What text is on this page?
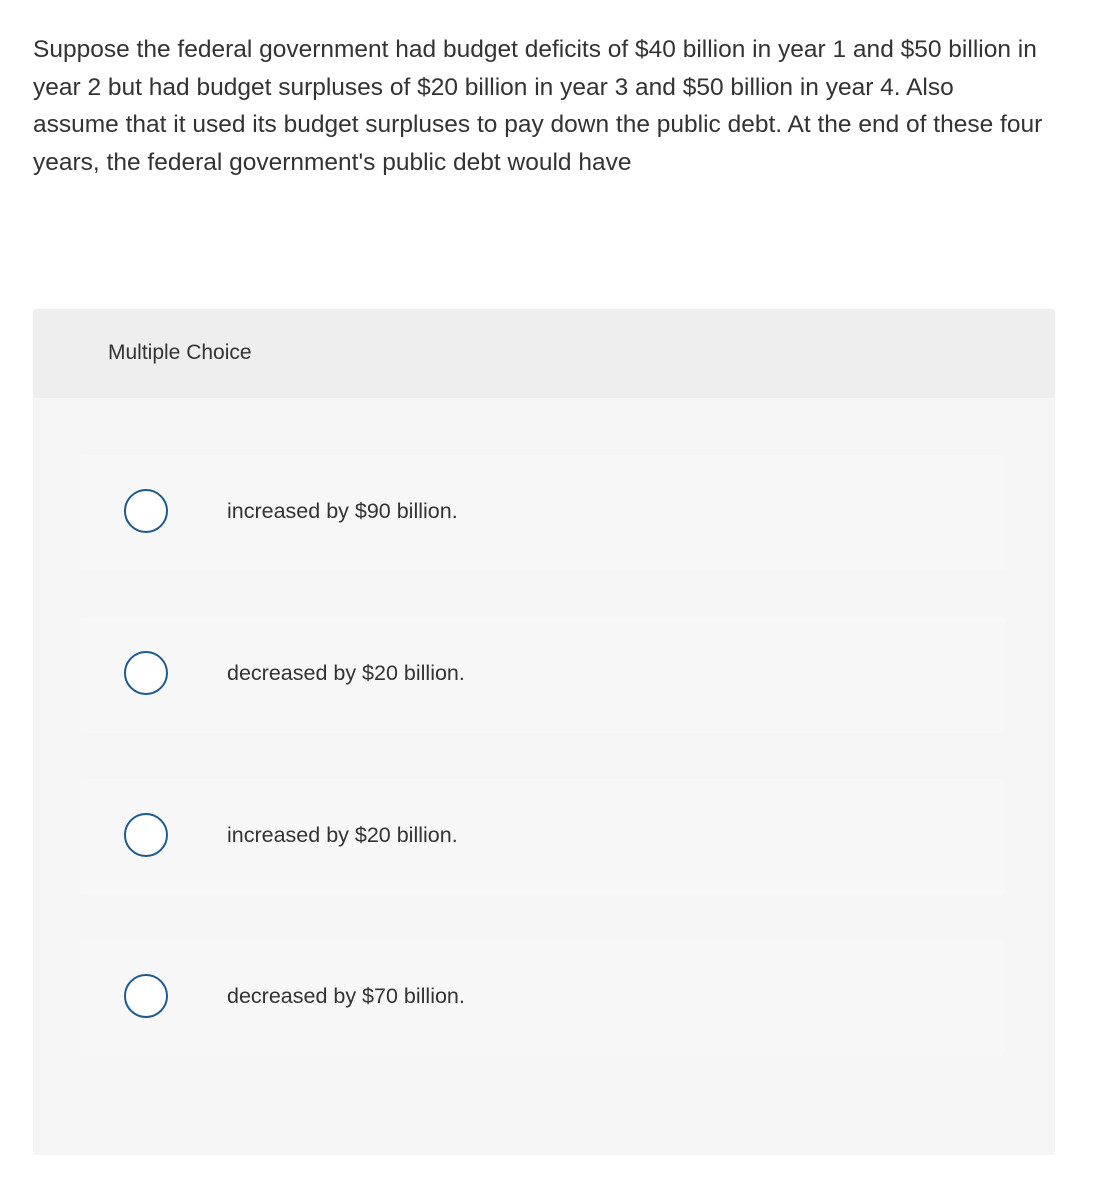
Suppose the federal government had budget deficits of $40 billion in year 1 and $50 billion in year 2 but had budget surpluses of $20 billion in year 3 and $50 billion in year 4. Also assume that it used its budget surpluses to pay down the public debt. At the end of these four years, the federal government's public debt would have

Multiple Choice
increased by $90 billion.
decreased by $20 billion.
increased by $20 billion.
decreased by $70 billion.
